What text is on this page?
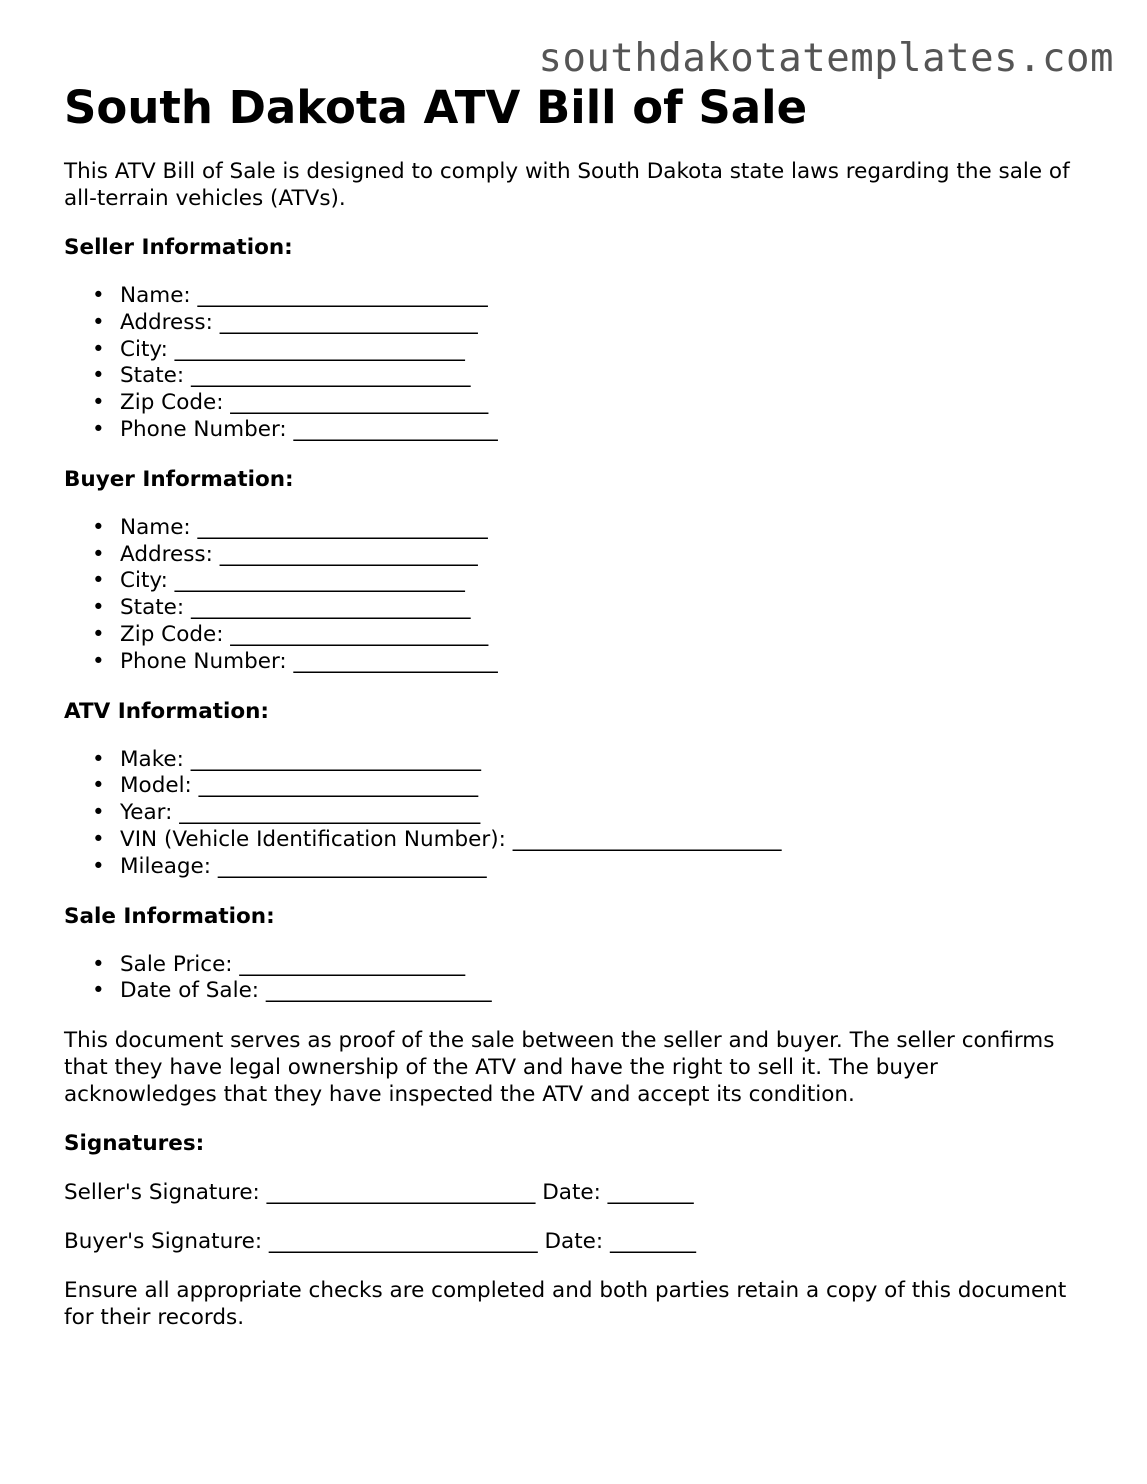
southdakotatemplates.com
South Dakota ATV Bill of Sale

This ATV Bill of Sale is designed to comply with South Dakota state laws regarding the sale of all-terrain vehicles (ATVs).

Seller Information:
• Name: ___________________________
• Address: ________________________
• City: ___________________________
• State: __________________________
• Zip Code: ________________________
• Phone Number: ___________________
Buyer Information:
• Name: ___________________________
• Address: ________________________
• City: ___________________________
• State: __________________________
• Zip Code: ________________________
• Phone Number: ___________________
ATV Information:
• Make: ___________________________
• Model: __________________________
• Year: ____________________________
• VIN (Vehicle Identification Number): _________________________
• Mileage: _________________________
Sale Information:
• Sale Price: _____________________
• Date of Sale: _____________________

This document serves as proof of the sale between the seller and buyer. The seller confirms that they have legal ownership of the ATV and have the right to sell it. The buyer acknowledges that they have inspected the ATV and accept its condition.

Signatures:
Seller's Signature: _________________________ Date: ________
Buyer's Signature: _________________________ Date: ________

Ensure all appropriate checks are completed and both parties retain a copy of this document for their records.
